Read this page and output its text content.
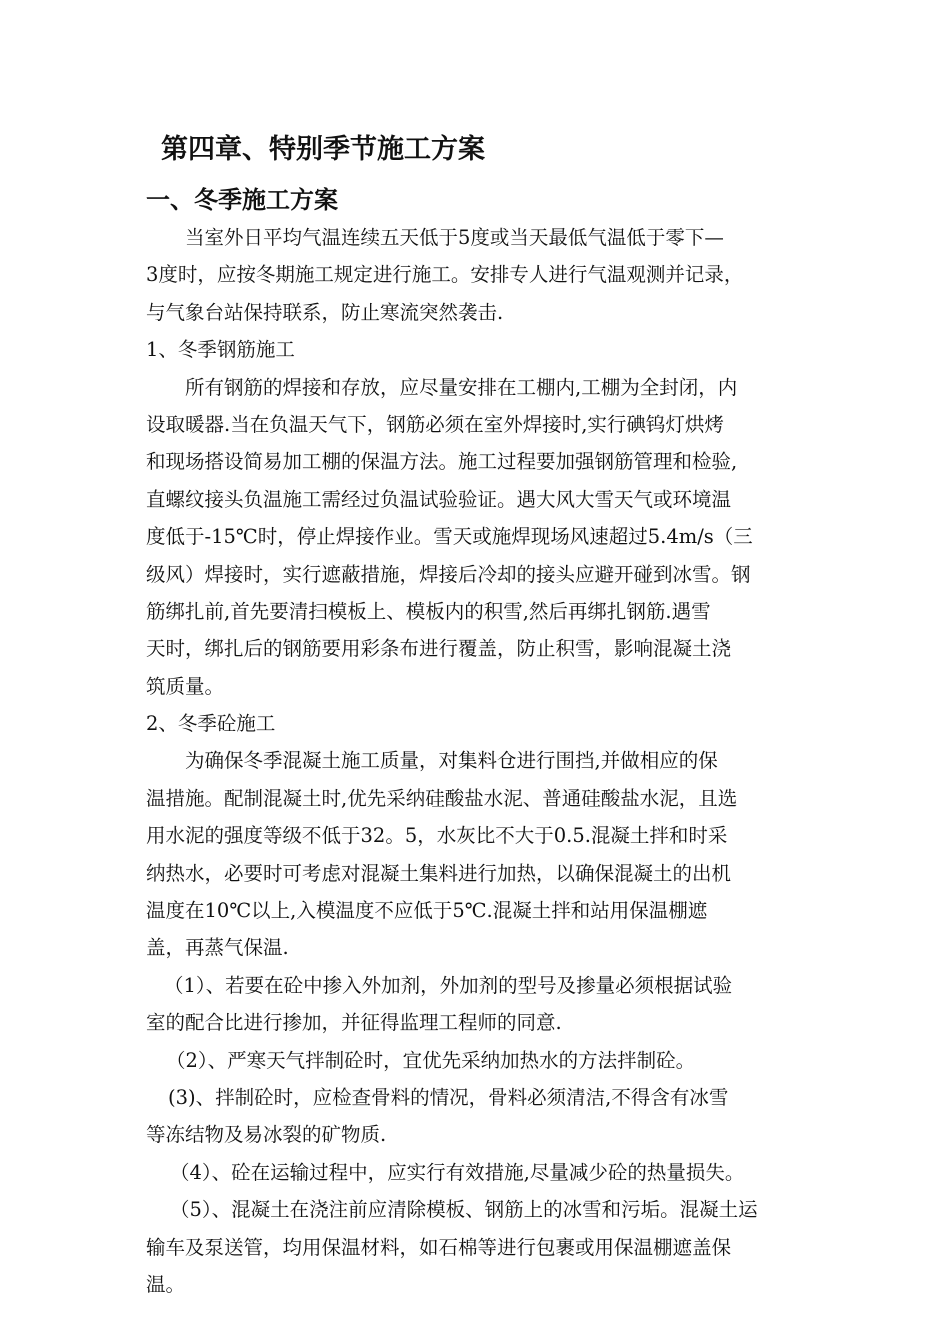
第四章、特别季节施工方案
一、冬季施工方案
当室外日平均气温连续五天低于5度或当天最低气温低于零下—
3度时，应按冬期施工规定进行施工。安排专人进行气温观测并记录，
与气象台站保持联系，防止寒流突然袭击.
1、冬季钢筋施工
所有钢筋的焊接和存放，应尽量安排在工棚内,工棚为全封闭，内
设取暖器.当在负温天气下，钢筋必须在室外焊接时,实行碘钨灯烘烤
和现场搭设简易加工棚的保温方法。施工过程要加强钢筋管理和检验,
直螺纹接头负温施工需经过负温试验验证。遇大风大雪天气或环境温
度低于-15℃时，停止焊接作业。雪天或施焊现场风速超过5.4m/s（三
级风）焊接时，实行遮蔽措施，焊接后冷却的接头应避开碰到冰雪。钢
筋绑扎前,首先要清扫模板上、模板内的积雪,然后再绑扎钢筋.遇雪
天时，绑扎后的钢筋要用彩条布进行覆盖，防止积雪，影响混凝土浇
筑质量。
2、冬季砼施工
为确保冬季混凝土施工质量，对集料仓进行围挡,并做相应的保
温措施。配制混凝土时,优先采纳硅酸盐水泥、普通硅酸盐水泥，且选
用水泥的强度等级不低于32。5，水灰比不大于0.5.混凝土拌和时采
纳热水，必要时可考虑对混凝土集料进行加热，以确保混凝土的出机
温度在10℃以上,入模温度不应低于5℃.混凝土拌和站用保温棚遮
盖，再蒸气保温.
（1）、若要在砼中掺入外加剂，外加剂的型号及掺量必须根据试验
室的配合比进行掺加，并征得监理工程师的同意.
（2）、严寒天气拌制砼时，宜优先采纳加热水的方法拌制砼。
(3)、拌制砼时，应检查骨料的情况，骨料必须清洁,不得含有冰雪
等冻结物及易冰裂的矿物质.
（4）、砼在运输过程中，应实行有效措施,尽量减少砼的热量损失。
（5）、混凝土在浇注前应清除模板、钢筋上的冰雪和污垢。混凝土运
输车及泵送管，均用保温材料，如石棉等进行包裹或用保温棚遮盖保
温。
